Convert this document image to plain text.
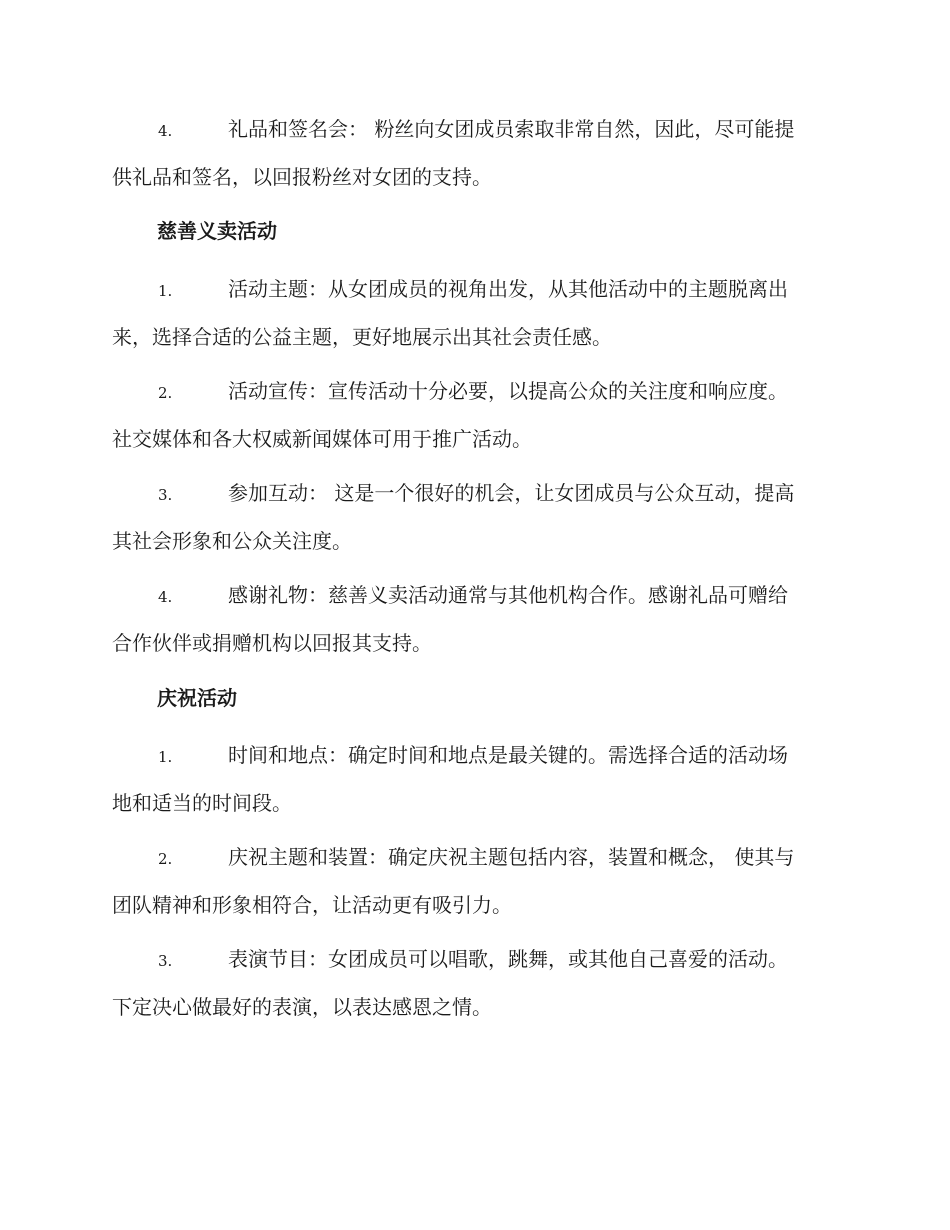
4.	礼品和签名会： 粉丝向女团成员索取非常自然，因此，尽可能提
供礼品和签名，以回报粉丝对女团的支持。
慈善义卖活动
1.	活动主题：从女团成员的视角出发，从其他活动中的主题脱离出
来，选择合适的公益主题，更好地展示出其社会责任感。
2.	活动宣传：宣传活动十分必要，以提高公众的关注度和响应度。
社交媒体和各大权威新闻媒体可用于推广活动。
3.	参加互动： 这是一个很好的机会，让女团成员与公众互动，提高
其社会形象和公众关注度。
4.	感谢礼物：慈善义卖活动通常与其他机构合作。感谢礼品可赠给
合作伙伴或捐赠机构以回报其支持。
庆祝活动
1.	时间和地点：确定时间和地点是最关键的。需选择合适的活动场
地和适当的时间段。
2.	庆祝主题和装置：确定庆祝主题包括内容，装置和概念， 使其与
团队精神和形象相符合，让活动更有吸引力。
3.	表演节目：女团成员可以唱歌，跳舞，或其他自己喜爱的活动。
下定决心做最好的表演，以表达感恩之情。
